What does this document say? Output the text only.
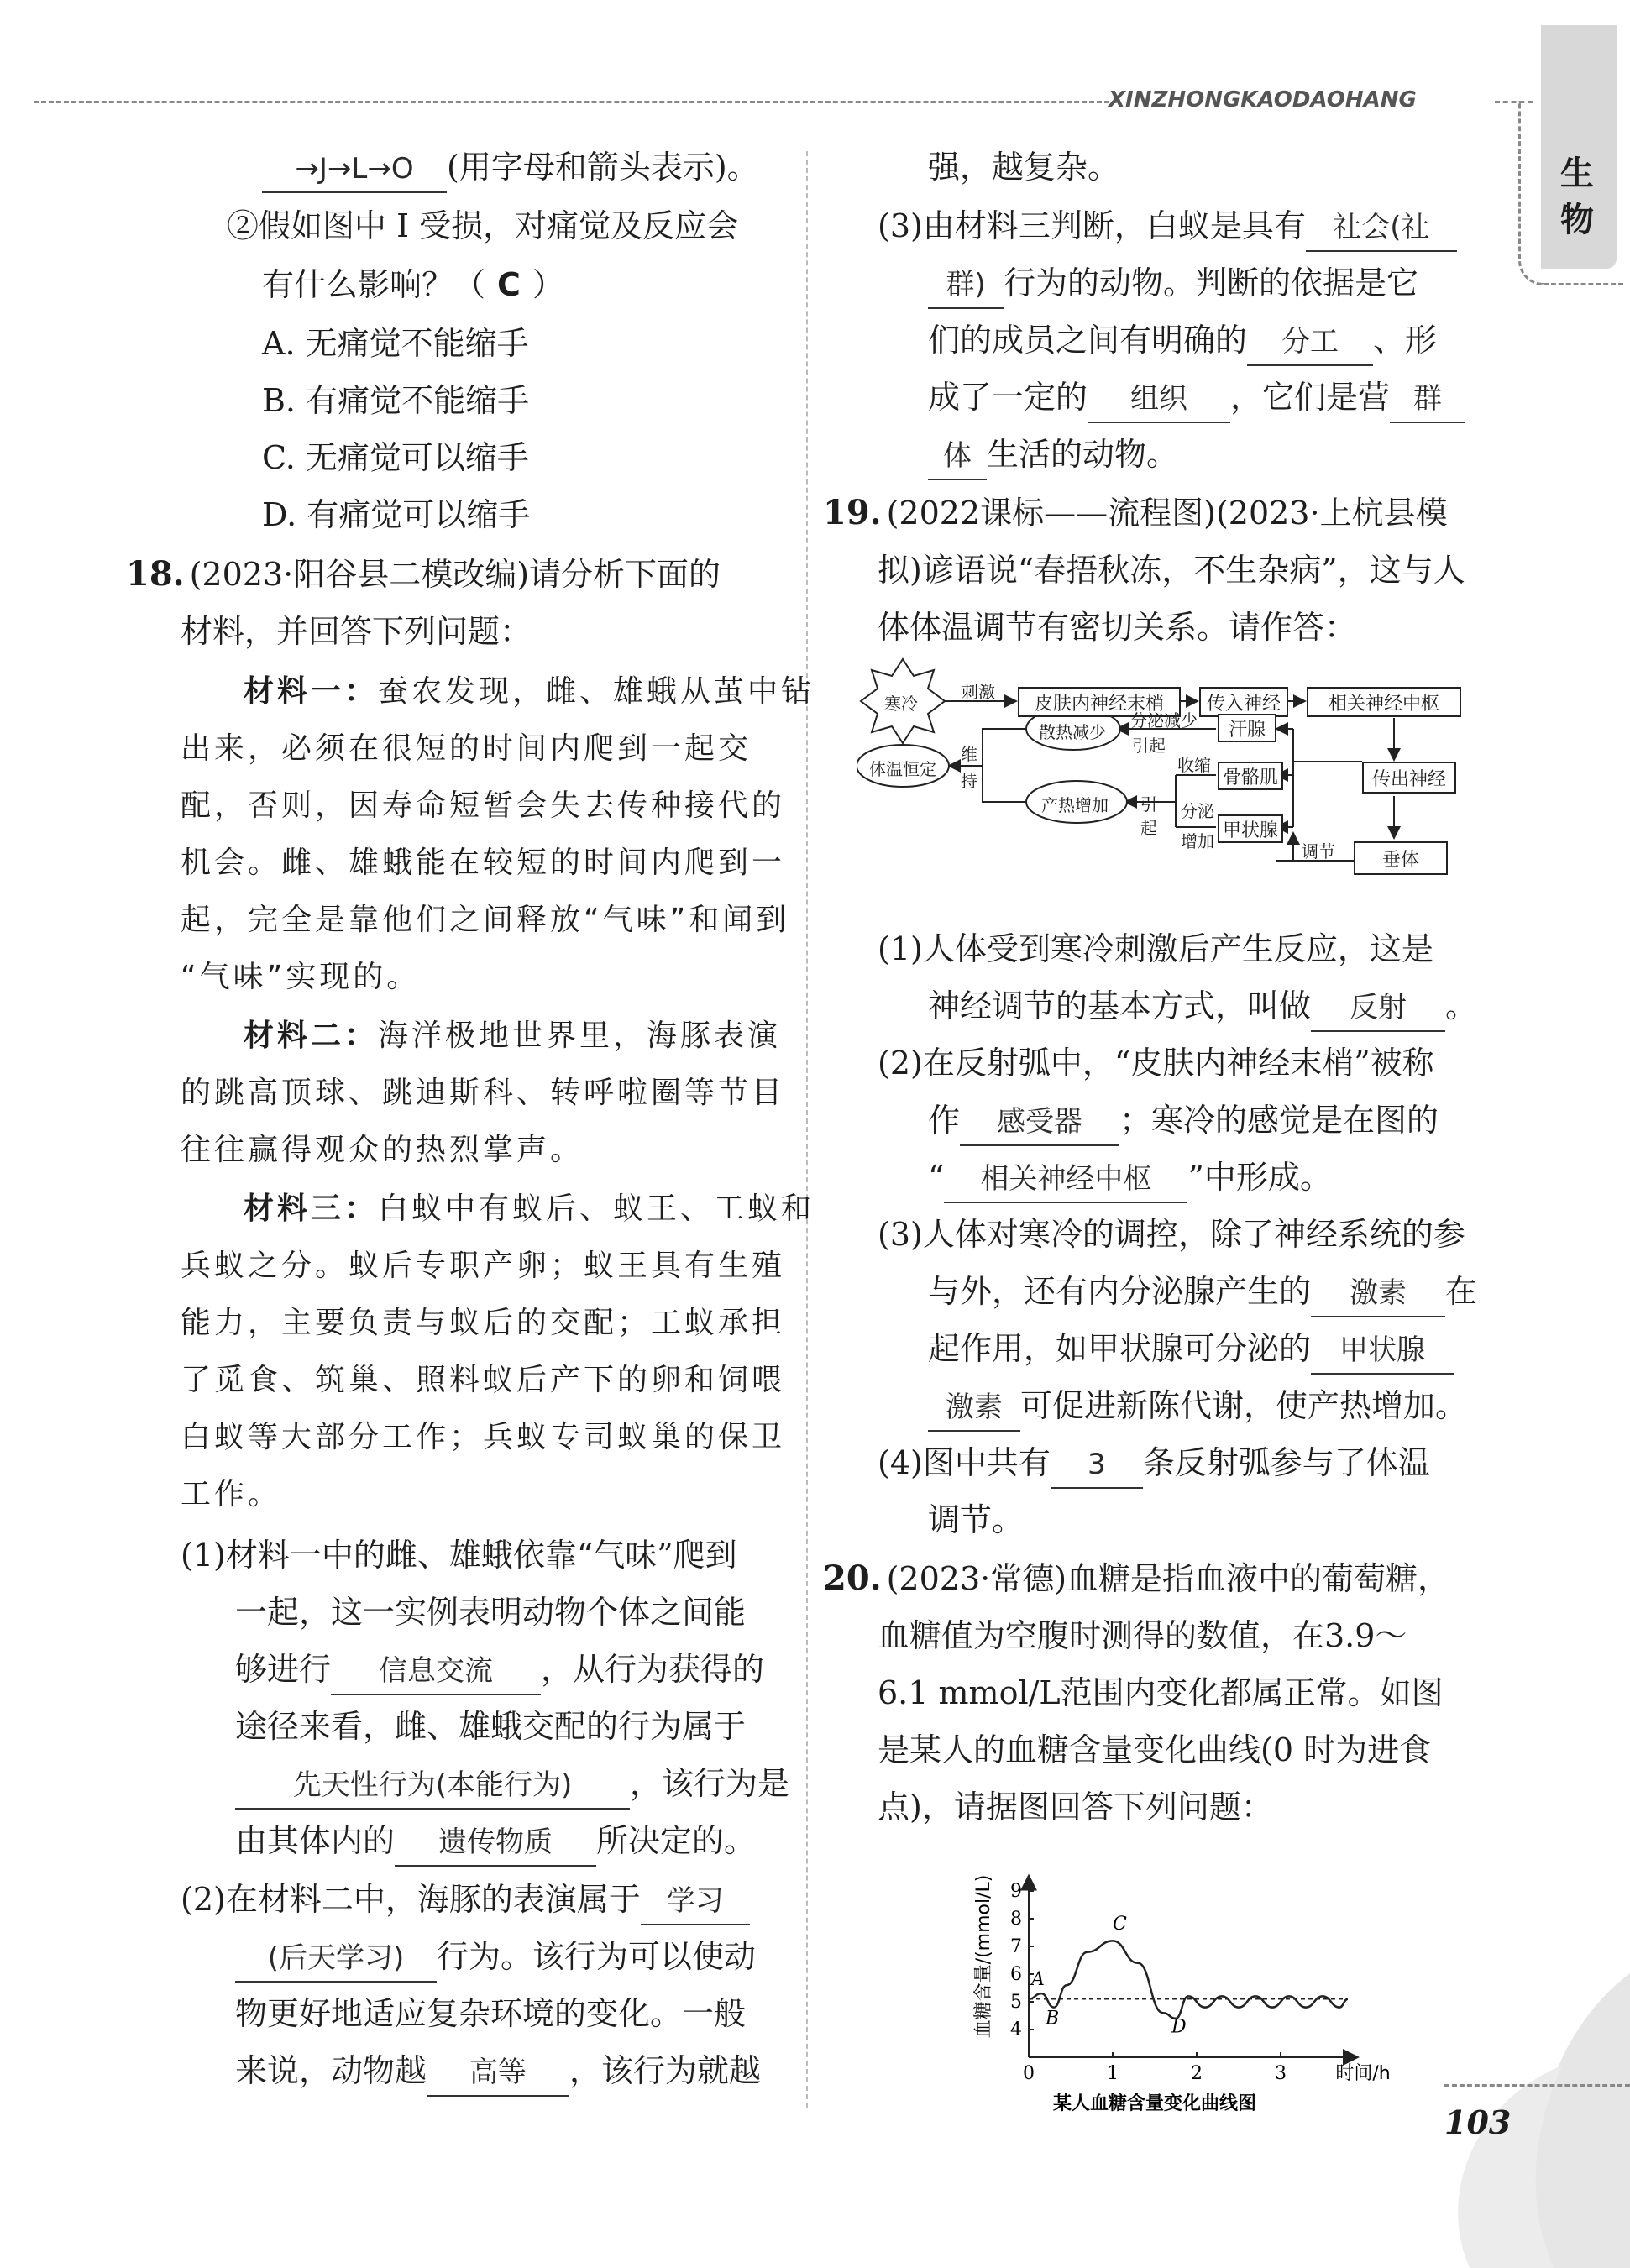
XINZHONGKAODAOHANG
生
物
→J→L→O (用字母和箭头表示)。
②假如图中 I 受损，对痛觉及反应会
有什么影响？（ C ）
A. 无痛觉不能缩手
B. 有痛觉不能缩手
C. 无痛觉可以缩手
D. 有痛觉可以缩手
18. (2023·阳谷县二模改编)请分析下面的
材料，并回答下列问题：
材料一：蚕农发现，雌、雄蛾从茧中钻
出来，必须在很短的时间内爬到一起交
配，否则，因寿命短暂会失去传种接代的
机会。雌、雄蛾能在较短的时间内爬到一
起，完全是靠他们之间释放“气味”和闻到
“气味”实现的。
材料二：海洋极地世界里，海豚表演
的跳高顶球、跳迪斯科、转呼啦圈等节目
往往赢得观众的热烈掌声。
材料三：白蚁中有蚁后、蚁王、工蚁和
兵蚁之分。蚁后专职产卵；蚁王具有生殖
能力，主要负责与蚁后的交配；工蚁承担
了觅食、筑巢、照料蚁后产下的卵和饲喂
白蚁等大部分工作；兵蚁专司蚁巢的保卫
工作。
(1)材料一中的雌、雄蛾依靠“气味”爬到
一起，这一实例表明动物个体之间能
够进行 信息交流 ，从行为获得的
途径来看，雌、雄蛾交配的行为属于
先天性行为(本能行为) ，该行为是
由其体内的 遗传物质 所决定的。
(2)在材料二中，海豚的表演属于 学习
(后天学习) 行为。该行为可以使动
物更好地适应复杂环境的变化。一般
来说，动物越 高等 ，该行为就越
强，越复杂。
(3)由材料三判断，白蚁是具有 社会(社
群) 行为的动物。判断的依据是它
们的成员之间有明确的 分工 、形
成了一定的 组织 ，它们是营 群
体 生活的动物。
19. (2022课标——流程图)(2023·上杭县模
拟)谚语说“春捂秋冻，不生杂病”，这与人
体体温调节有密切关系。请作答：
寒冷
刺激
皮肤内神经末梢	传入神经	相关神经中枢
传出神经
垂体
调节
汗腺
骨骼肌
甲状腺
散热减少
产热增加
体温恒定
维
持
分泌减少
引起
收缩
分泌
增加
引
起
(1)人体受到寒冷刺激后产生反应，这是
神经调节的基本方式，叫做 反射 。
(2)在反射弧中，“皮肤内神经末梢”被称
作 感受器 ；寒冷的感觉是在图的
“ 相关神经中枢 ”中形成。
(3)人体对寒冷的调控，除了神经系统的参
与外，还有内分泌腺产生的 激素 在
起作用，如甲状腺可分泌的 甲状腺
激素 可促进新陈代谢，使产热增加。
(4)图中共有 3 条反射弧参与了体温
调节。
20. (2023·常德)血糖是指血液中的葡萄糖，
血糖值为空腹时测得的数值，在3.9～
6.1 mmol/L范围内变化都属正常。如图
是某人的血糖含量变化曲线(0 时为进食
点)，请据图回答下列问题：
4
5
6
7
8
9
0	1	2	3	时间/h
血糖含量/(mmol/L) A
B
C
D
某人血糖含量变化曲线图	103
